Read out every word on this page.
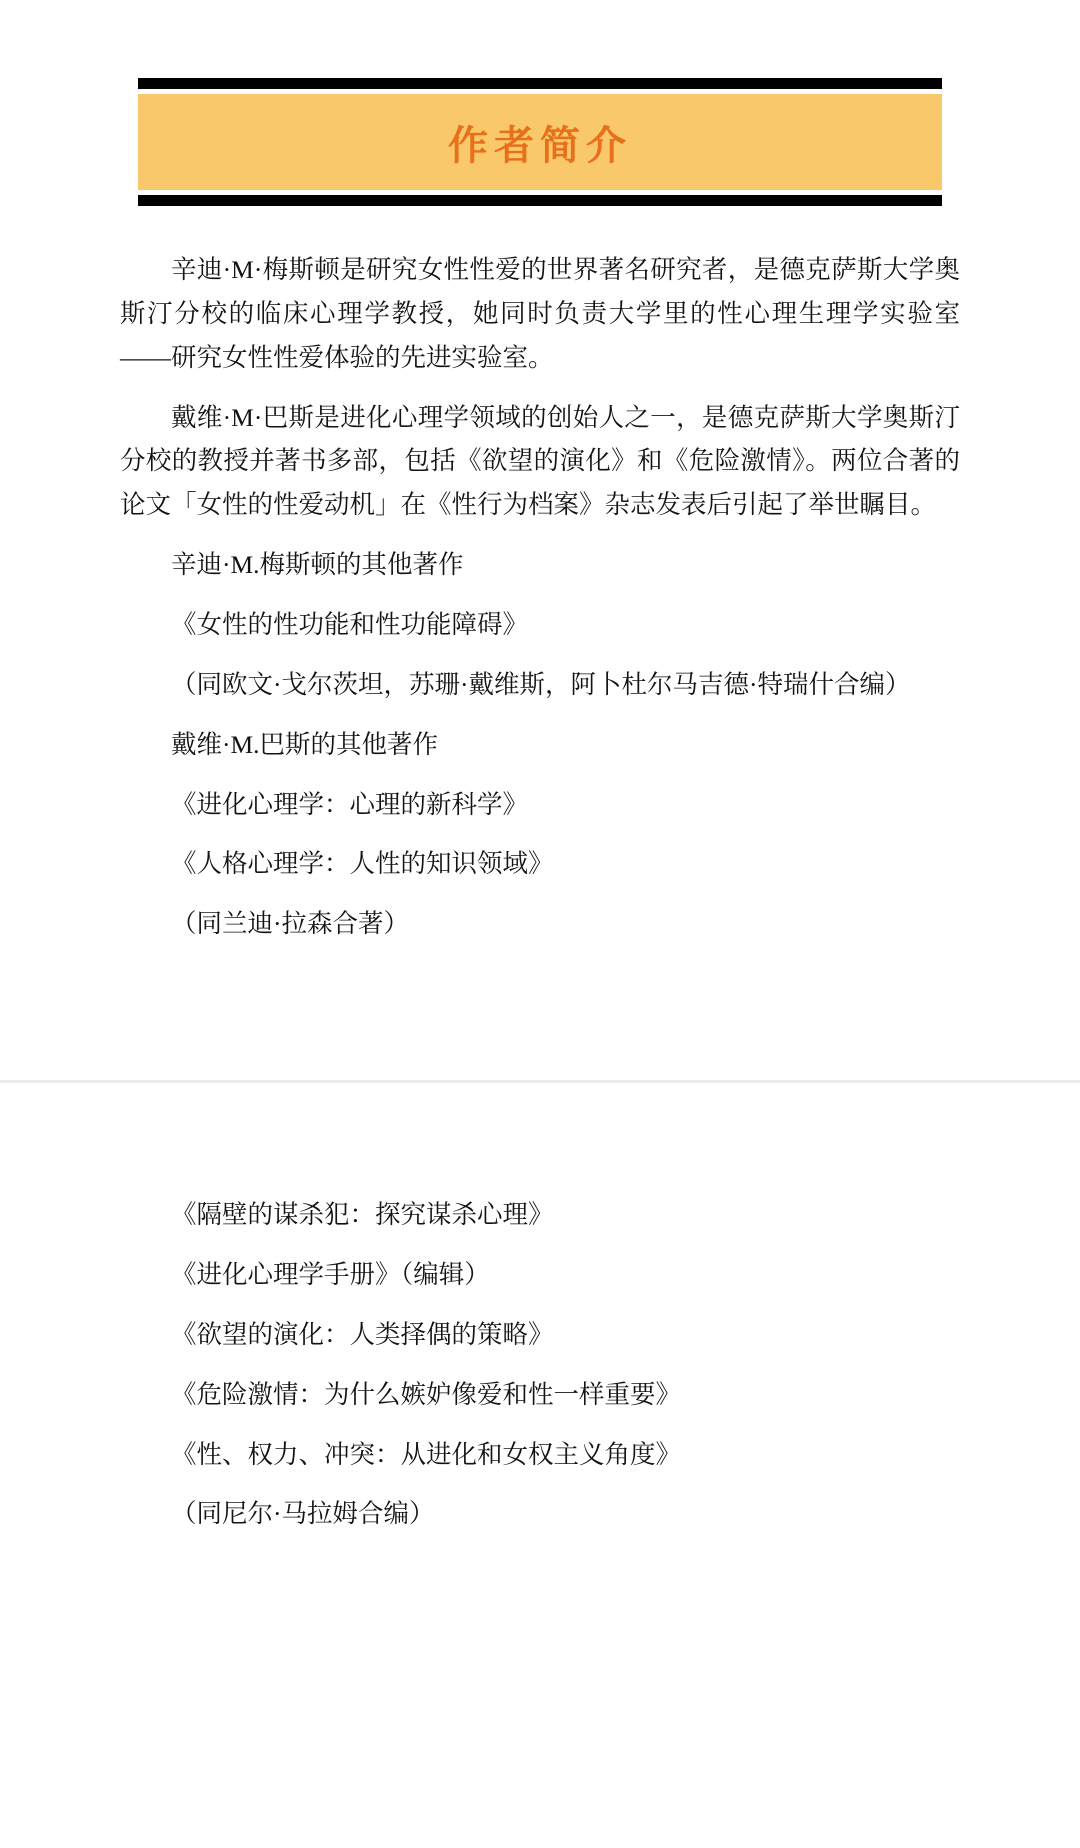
作者简介

辛迪·M·梅斯顿是研究女性性爱的世界著名研究者，是德克萨斯大学奥斯汀分校的临床心理学教授，她同时负责大学里的性心理生理学实验室——研究女性性爱体验的先进实验室。

戴维·M·巴斯是进化心理学领域的创始人之一，是德克萨斯大学奥斯汀分校的教授并著书多部，包括《欲望的演化》和《危险激情》。两位合著的论文「女性的性爱动机」在《性行为档案》杂志发表后引起了举世瞩目。

辛迪·M.梅斯顿的其他著作

《女性的性功能和性功能障碍》

（同欧文·戈尔茨坦，苏珊·戴维斯，阿卜杜尔马吉德·特瑞什合编）

戴维·M.巴斯的其他著作

《进化心理学：心理的新科学》

《人格心理学：人性的知识领域》

（同兰迪·拉森合著）

《隔壁的谋杀犯：探究谋杀心理》

《进化心理学手册》（编辑）

《欲望的演化：人类择偶的策略》

《危险激情：为什么嫉妒像爱和性一样重要》

《性、权力、冲突：从进化和女权主义角度》

（同尼尔·马拉姆合编）
